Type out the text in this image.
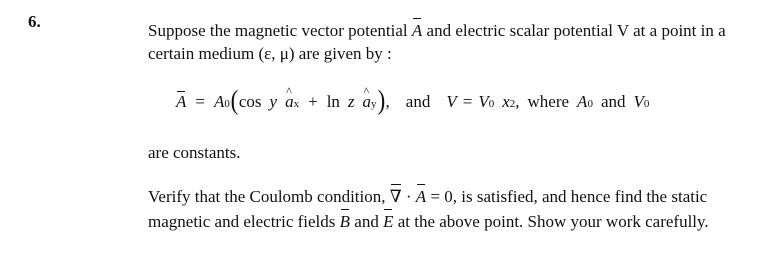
6.	Suppose the magnetic vector potential A and electric scalar potential V at a point in a certain medium (ε, μ) are given by :
A = A 0 ( cos y ^ a x + ln z ^ a y ) , and V = V 0 x 2 , where A 0 and V 0
are constants.
Verify that the Coulomb condition, ∇ · A = 0, is satisfied, and hence find the static magnetic and electric fields B and E at the above point. Show your work carefully.
